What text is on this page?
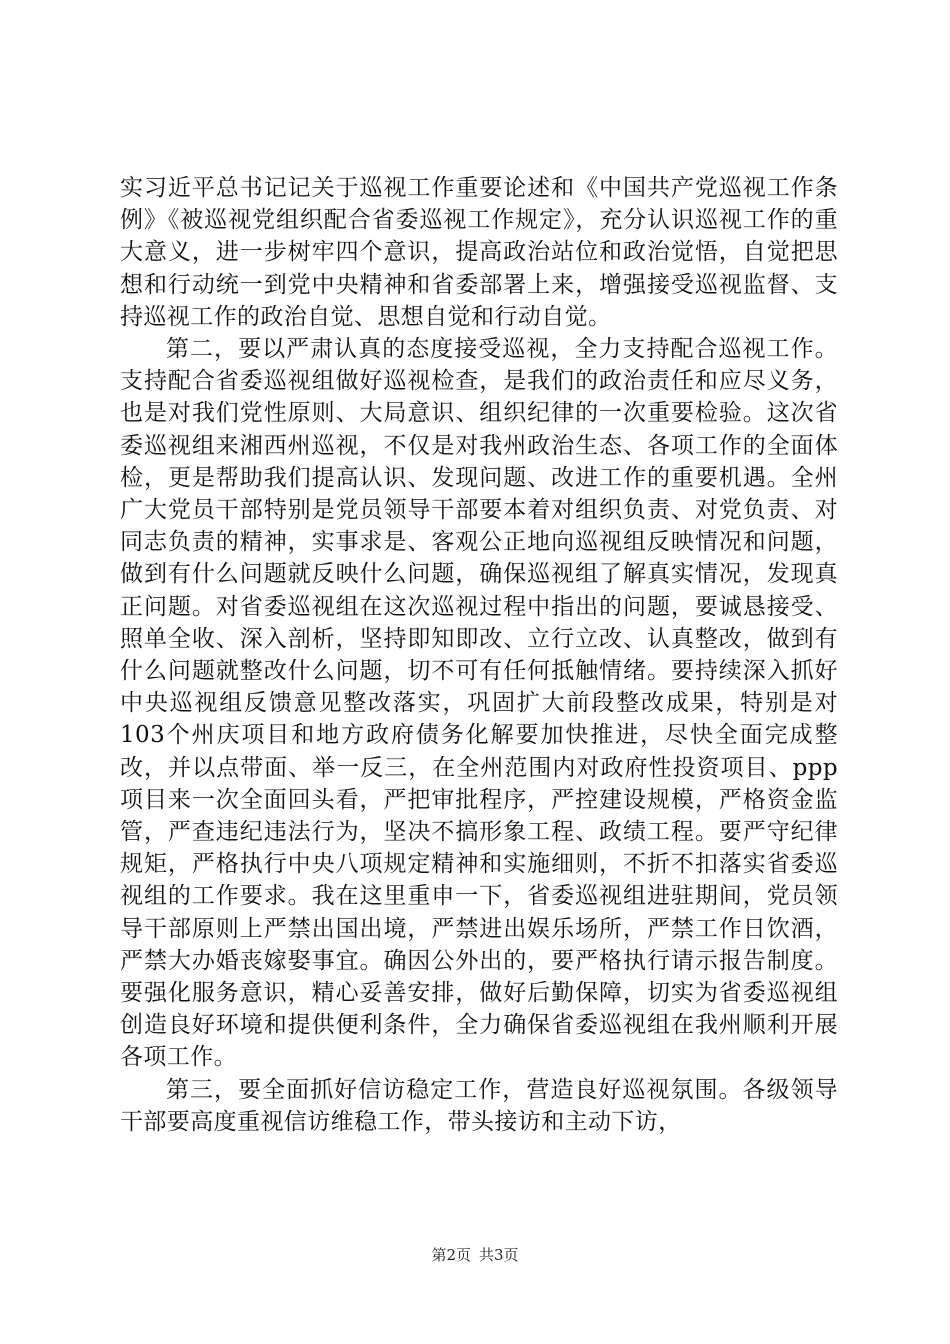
实习近平总书记记关于巡视工作重要论述和《中国共产党巡视工作条例》《被巡视党组织配合省委巡视工作规定》，充分认识巡视工作的重大意义，进一步树牢四个意识，提高政治站位和政治觉悟，自觉把思想和行动统一到党中央精神和省委部署上来，增强接受巡视监督、支持巡视工作的政治自觉、思想自觉和行动自觉。

第二，要以严肃认真的态度接受巡视，全力支持配合巡视工作。支持配合省委巡视组做好巡视检查，是我们的政治责任和应尽义务，也是对我们党性原则、大局意识、组织纪律的一次重要检验。这次省委巡视组来湘西州巡视，不仅是对我州政治生态、各项工作的全面体检，更是帮助我们提高认识、发现问题、改进工作的重要机遇。全州广大党员干部特别是党员领导干部要本着对组织负责、对党负责、对同志负责的精神，实事求是、客观公正地向巡视组反映情况和问题，做到有什么问题就反映什么问题，确保巡视组了解真实情况，发现真正问题。对省委巡视组在这次巡视过程中指出的问题，要诚恳接受、照单全收、深入剖析，坚持即知即改、立行立改、认真整改，做到有什么问题就整改什么问题，切不可有任何抵触情绪。要持续深入抓好中央巡视组反馈意见整改落实，巩固扩大前段整改成果，特别是对103个州庆项目和地方政府债务化解要加快推进，尽快全面完成整改，并以点带面、举一反三，在全州范围内对政府性投资项目、ppp项目来一次全面回头看，严把审批程序，严控建设规模，严格资金监管，严查违纪违法行为，坚决不搞形象工程、政绩工程。要严守纪律规矩，严格执行中央八项规定精神和实施细则，不折不扣落实省委巡视组的工作要求。我在这里重申一下，省委巡视组进驻期间，党员领导干部原则上严禁出国出境，严禁进出娱乐场所，严禁工作日饮酒，严禁大办婚丧嫁娶事宜。确因公外出的，要严格执行请示报告制度。要强化服务意识，精心妥善安排，做好后勤保障，切实为省委巡视组创造良好环境和提供便利条件，全力确保省委巡视组在我州顺利开展各项工作。

第三，要全面抓好信访稳定工作，营造良好巡视氛围。各级领导干部要高度重视信访维稳工作，带头接访和主动下访，

第2页 共3页
